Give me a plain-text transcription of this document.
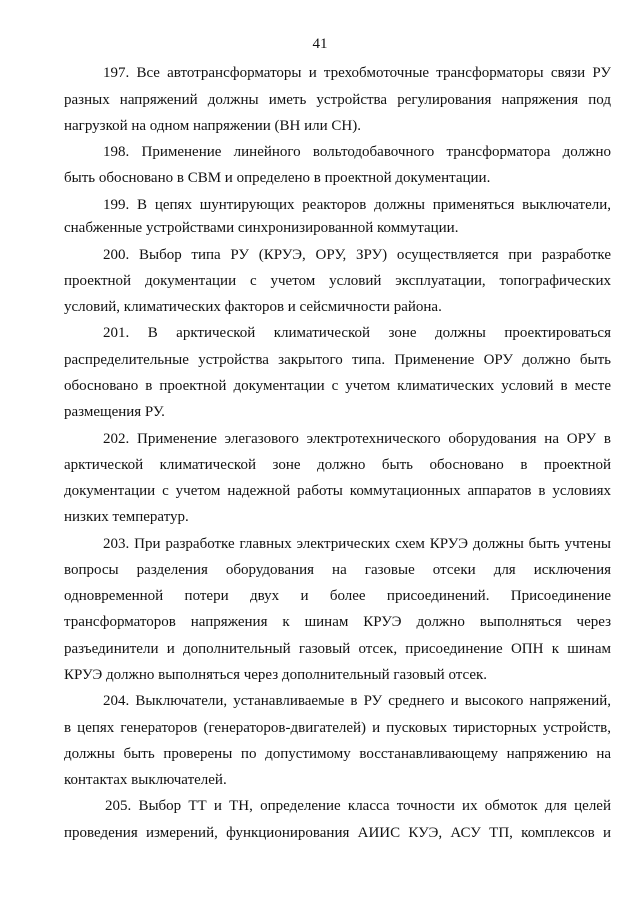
41
197. Все автотрансформаторы и трехобмоточные трансформаторы связи РУ
разных напряжений должны иметь устройства регулирования напряжения под
нагрузкой на одном напряжении (ВН или СН).
198. Применение линейного вольтодобавочного трансформатора должно
быть обосновано в СВМ и определено в проектной документации.
199. В цепях шунтирующих реакторов должны применяться выключатели,
снабженные устройствами синхронизированной коммутации.
200. Выбор типа РУ (КРУЭ, ОРУ, ЗРУ) осуществляется при разработке
проектной документации с учетом условий эксплуатации, топографических
условий, климатических факторов и сейсмичности района.
201. В арктической климатической зоне должны проектироваться
распределительные устройства закрытого типа. Применение ОРУ должно быть
обосновано в проектной документации с учетом климатических условий в месте
размещения РУ.
202. Применение элегазового электротехнического оборудования на ОРУ в
арктической климатической зоне должно быть обосновано в проектной
документации с учетом надежной работы коммутационных аппаратов в условиях
низких температур.
203. При разработке главных электрических схем КРУЭ должны быть учтены
вопросы разделения оборудования на газовые отсеки для исключения
одновременной потери двух и более присоединений. Присоединение
трансформаторов напряжения к шинам КРУЭ должно выполняться через
разъединители и дополнительный газовый отсек, присоединение ОПН к шинам
КРУЭ должно выполняться через дополнительный газовый отсек.
204. Выключатели, устанавливаемые в РУ среднего и высокого напряжений,
в цепях генераторов (генераторов-двигателей) и пусковых тиристорных устройств,
должны быть проверены по допустимому восстанавливающему напряжению на
контактах выключателей.
205. Выбор ТТ и ТН, определение класса точности их обмоток для целей
проведения измерений, функционирования АИИС КУЭ, АСУ ТП, комплексов и
